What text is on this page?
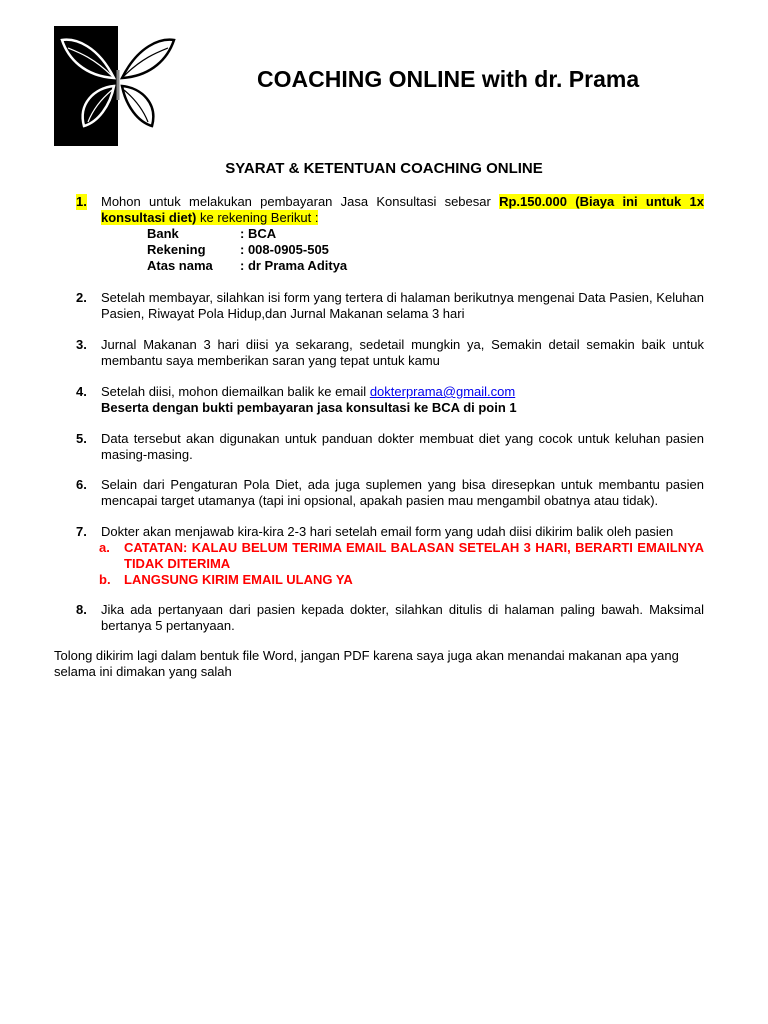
COACHING ONLINE with dr. Prama
SYARAT & KETENTUAN COACHING ONLINE
1. Mohon untuk melakukan pembayaran Jasa Konsultasi sebesar Rp.150.000 (Biaya ini untuk 1x konsultasi diet) ke rekening Berikut :
Bank	: BCA
Rekening	: 008-0905-505
Atas nama : dr Prama Aditya
2. Setelah membayar, silahkan isi form yang tertera di halaman berikutnya mengenai Data Pasien, Keluhan Pasien, Riwayat Pola Hidup,dan Jurnal Makanan selama 3 hari
3. Jurnal Makanan 3 hari diisi ya sekarang, sedetail mungkin ya, Semakin detail semakin baik untuk membantu saya memberikan saran yang tepat untuk kamu
4. Setelah diisi, mohon diemailkan balik ke email dokterprama@gmail.com
Beserta dengan bukti pembayaran jasa konsultasi ke BCA di poin 1
5. Data tersebut akan digunakan untuk panduan dokter membuat diet yang cocok untuk keluhan pasien masing-masing.
6. Selain dari Pengaturan Pola Diet, ada juga suplemen yang bisa diresepkan untuk membantu pasien mencapai target utamanya (tapi ini opsional, apakah pasien mau mengambil obatnya atau tidak).
7. Dokter akan menjawab kira-kira 2-3 hari setelah email form yang udah diisi dikirim balik oleh pasien
a. CATATAN: KALAU BELUM TERIMA EMAIL BALASAN SETELAH 3 HARI, BERARTI EMAILNYA TIDAK DITERIMA
b. LANGSUNG KIRIM EMAIL ULANG YA
8. Jika ada pertanyaan dari pasien kepada dokter, silahkan ditulis di halaman paling bawah. Maksimal bertanya 5 pertanyaan.
Tolong dikirim lagi dalam bentuk file Word, jangan PDF karena saya juga akan menandai makanan apa yang selama ini dimakan yang salah
